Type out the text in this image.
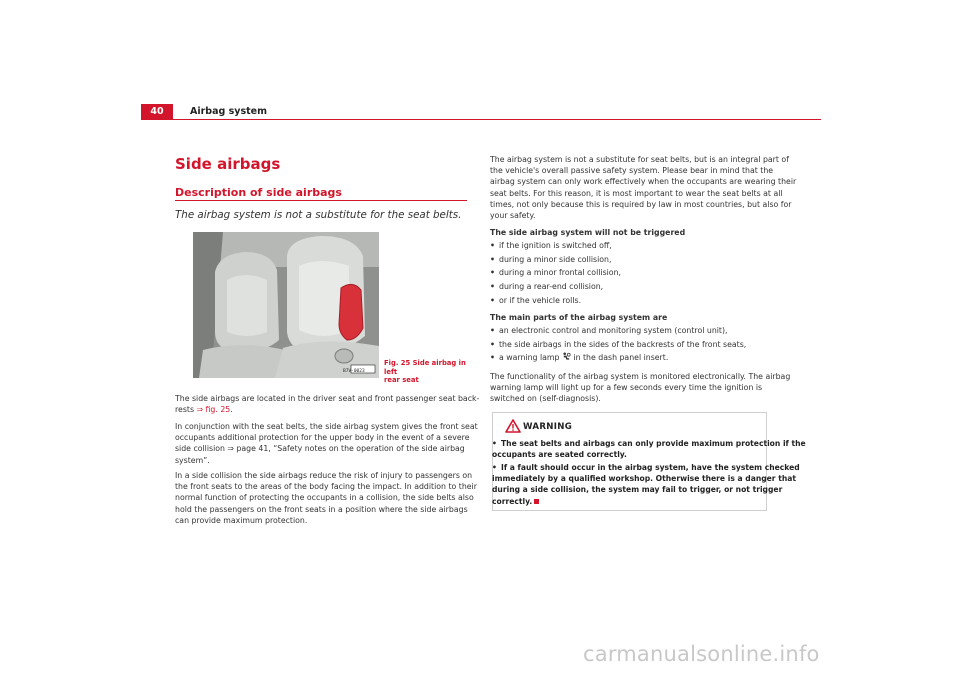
40	Airbag system
Side airbags
Description of side airbags
The airbag system is not a substitute for the seat belts.
B7V-0023
Fig. 25 Side airbag in left
rear seat
The side airbags are located in the driver seat and front passenger seat back-
rests ⇒ fig. 25.
In conjunction with the seat belts, the side airbag system gives the front seat
occupants additional protection for the upper body in the event of a severe
side collision ⇒ page 41, “Safety notes on the operation of the side airbag
system”.
In a side collision the side airbags reduce the risk of injury to passengers on
the front seats to the areas of the body facing the impact. In addition to their
normal function of protecting the occupants in a collision, the side belts also
hold the passengers on the front seats in a position where the side airbags
can provide maximum protection.
The airbag system is not a substitute for seat belts, but is an integral part of
the vehicle's overall passive safety system. Please bear in mind that the
airbag system can only work effectively when the occupants are wearing their
seat belts. For this reason, it is most important to wear the seat belts at all
times, not only because this is required by law in most countries, but also for
your safety.
The side airbag system will not be triggered
• if the ignition is switched off,
• during a minor side collision,
• during a minor frontal collision,
• during a rear-end collision,
• or if the vehicle rolls.
The main parts of the airbag system are
• an electronic control and monitoring system (control unit),
• the side airbags in the sides of the backrests of the front seats,
• a warning lamp  in the dash panel insert.
The functionality of the airbag system is monitored electronically. The airbag
warning lamp will light up for a few seconds every time the ignition is
switched on (self-diagnosis).
WARNING
• The seat belts and airbags can only provide maximum protection if the
occupants are seated correctly.
• If a fault should occur in the airbag system, have the system checked
immediately by a qualified workshop. Otherwise there is a danger that
during a side collision, the system may fail to trigger, or not trigger
correctly.
carmanualsonline.info
